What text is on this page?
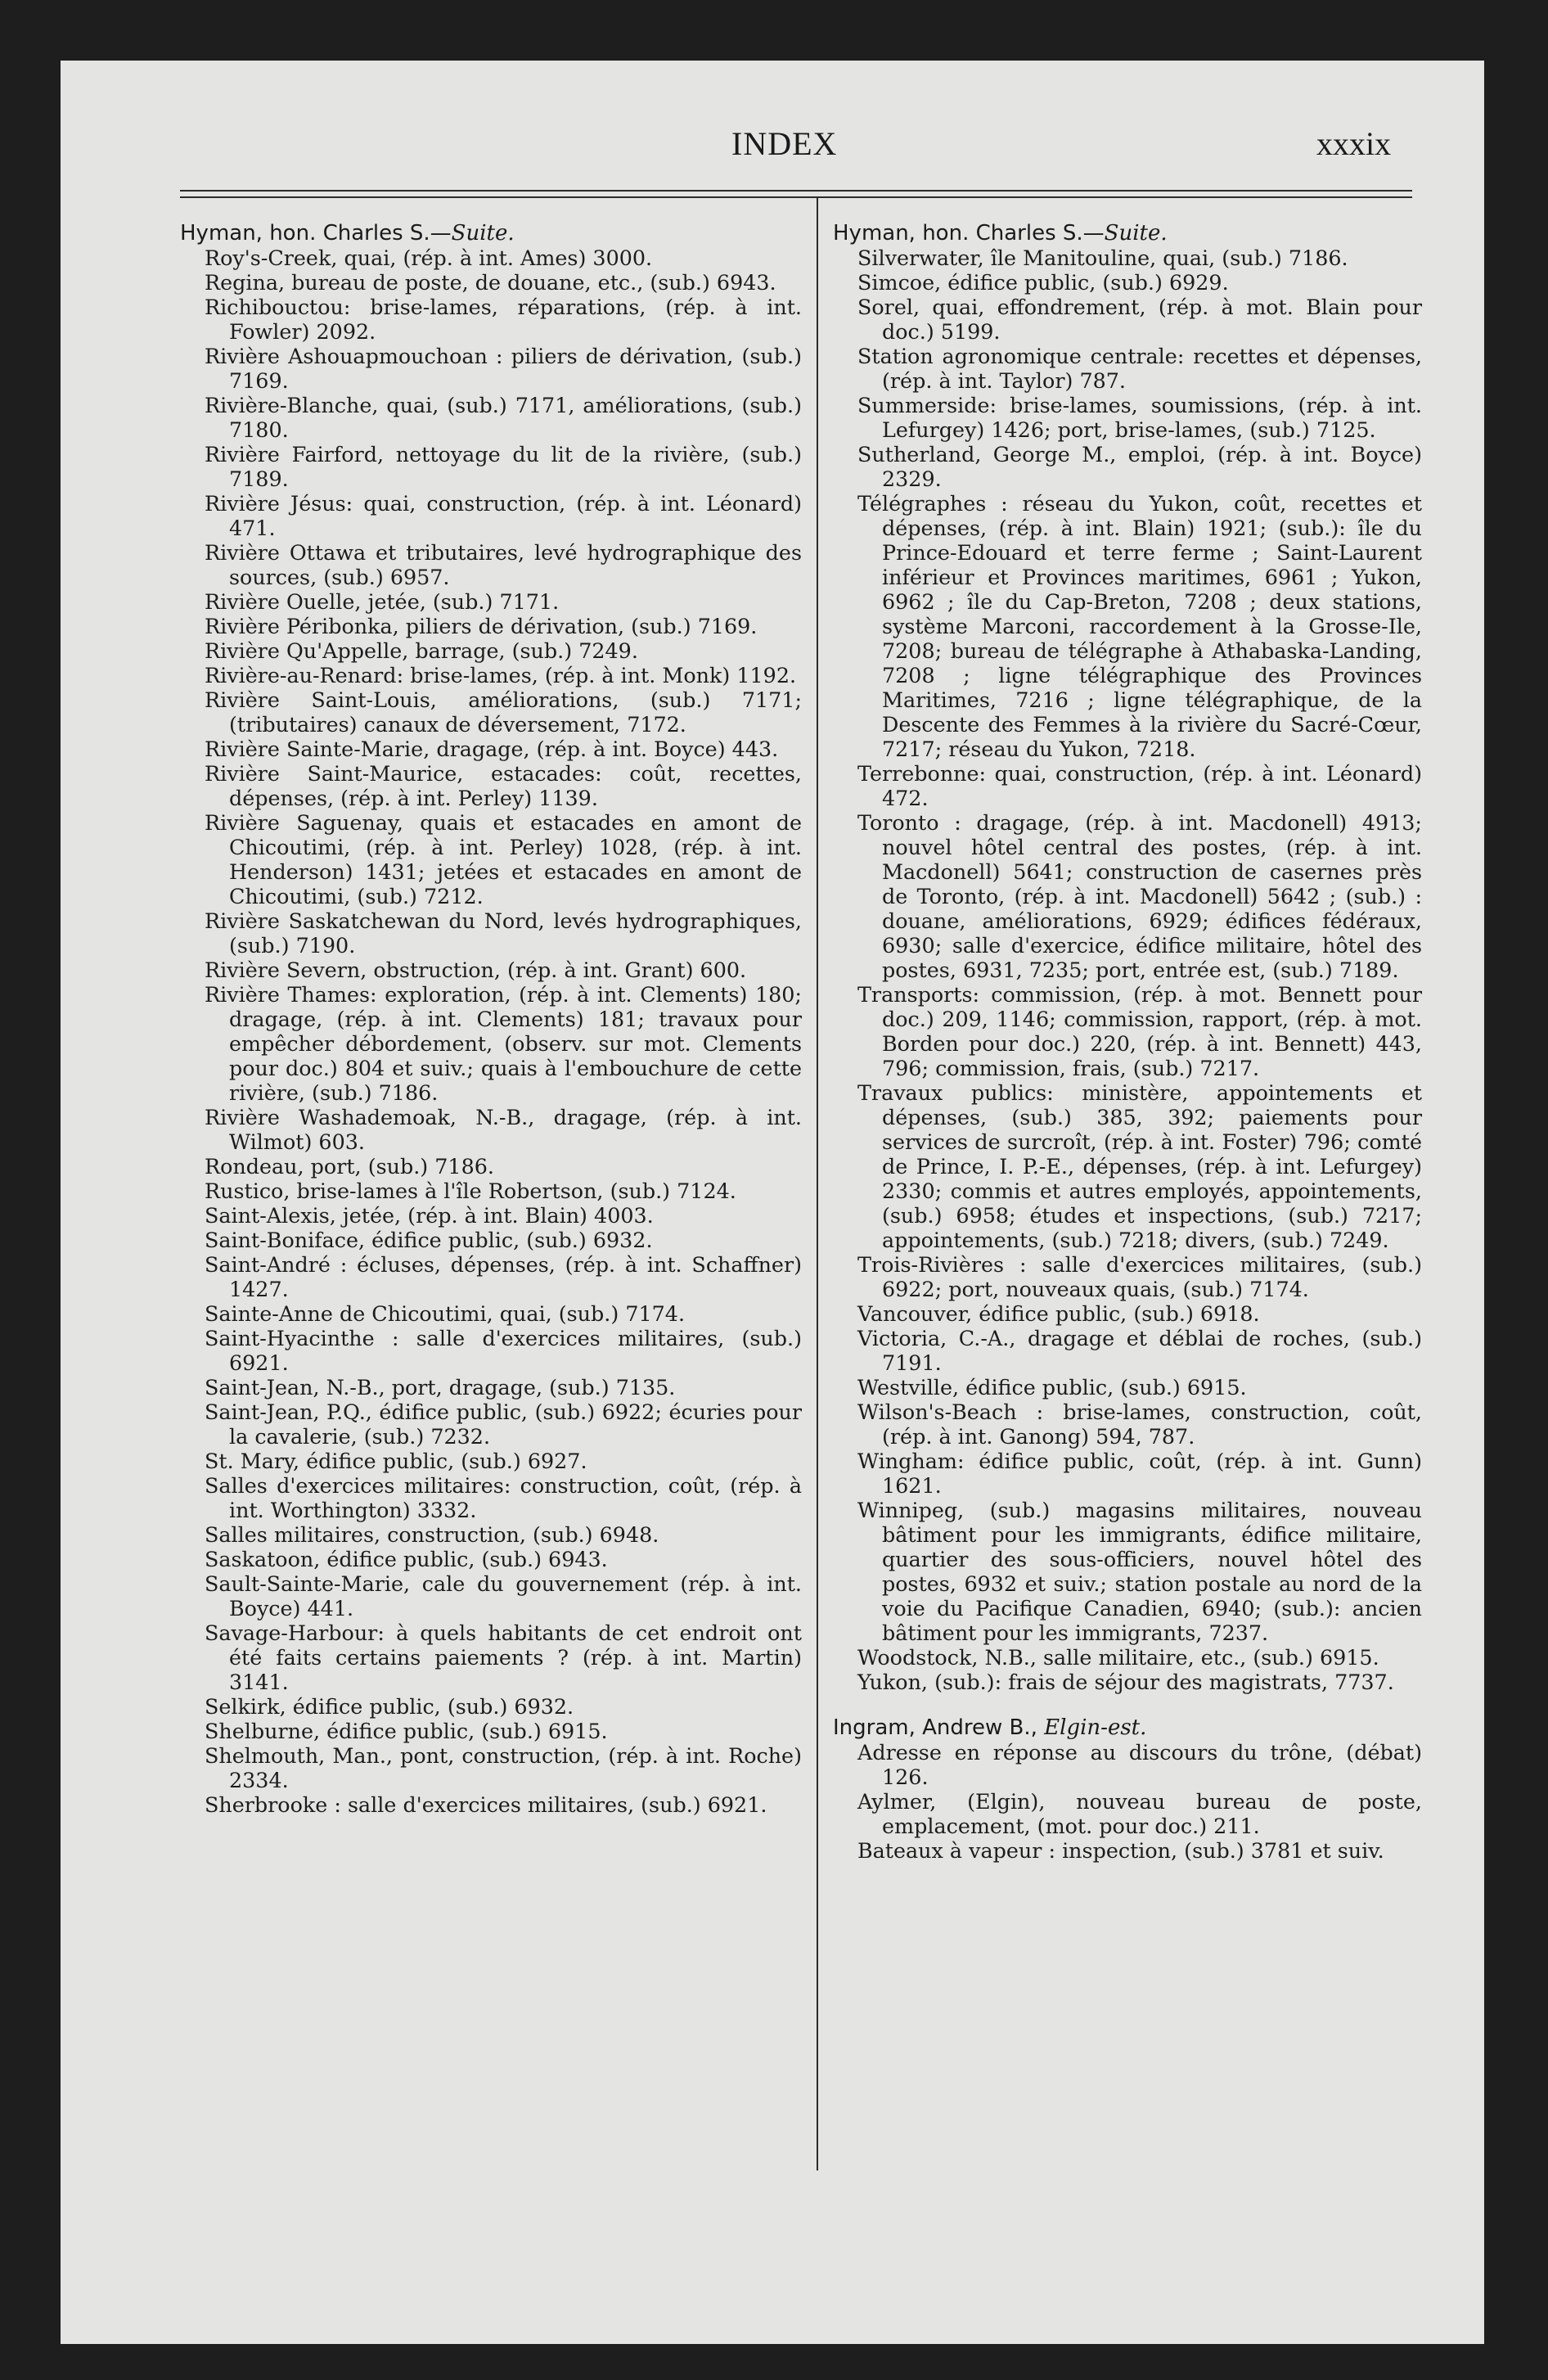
INDEX	xxxix
Hyman, hon. Charles S.—Suite.

Roy's-Creek, quai, (rép. à int. Ames) 3000.

Regina, bureau de poste, de douane, etc., (sub.) 6943.

Richibouctou: brise-lames, réparations, (rép. à int. Fowler) 2092.

Rivière Ashouapmouchoan : piliers de dérivation, (sub.) 7169.

Rivière-Blanche, quai, (sub.) 7171, améliorations, (sub.) 7180.

Rivière Fairford, nettoyage du lit de la rivière, (sub.) 7189.

Rivière Jésus: quai, construction, (rép. à int. Léonard) 471.

Rivière Ottawa et tributaires, levé hydrographique des sources, (sub.) 6957.

Rivière Ouelle, jetée, (sub.) 7171.

Rivière Péribonka, piliers de dérivation, (sub.) 7169.

Rivière Qu'Appelle, barrage, (sub.) 7249.

Rivière-au-Renard: brise-lames, (rép. à int. Monk) 1192.

Rivière Saint-Louis, améliorations, (sub.) 7171; (tributaires) canaux de déversement, 7172.

Rivière Sainte-Marie, dragage, (rép. à int. Boyce) 443.

Rivière Saint-Maurice, estacades: coût, recettes, dépenses, (rép. à int. Perley) 1139.

Rivière Saguenay, quais et estacades en amont de Chicoutimi, (rép. à int. Perley) 1028, (rép. à int. Henderson) 1431; jetées et estacades en amont de Chicoutimi, (sub.) 7212.

Rivière Saskatchewan du Nord, levés hydrographiques, (sub.) 7190.

Rivière Severn, obstruction, (rép. à int. Grant) 600.

Rivière Thames: exploration, (rép. à int. Clements) 180; dragage, (rép. à int. Clements) 181; travaux pour empêcher débordement, (observ. sur mot. Clements pour doc.) 804 et suiv.; quais à l'embouchure de cette rivière, (sub.) 7186.

Rivière Washademoak, N.-B., dragage, (rép. à int. Wilmot) 603.

Rondeau, port, (sub.) 7186.

Rustico, brise-lames à l'île Robertson, (sub.) 7124.

Saint-Alexis, jetée, (rép. à int. Blain) 4003.

Saint-Boniface, édifice public, (sub.) 6932.

Saint-André : écluses, dépenses, (rép. à int. Schaffner) 1427.

Sainte-Anne de Chicoutimi, quai, (sub.) 7174.

Saint-Hyacinthe : salle d'exercices militaires, (sub.) 6921.

Saint-Jean, N.-B., port, dragage, (sub.) 7135.

Saint-Jean, P.Q., édifice public, (sub.) 6922; écuries pour la cavalerie, (sub.) 7232.

St. Mary, édifice public, (sub.) 6927.

Salles d'exercices militaires: construction, coût, (rép. à int. Worthington) 3332.

Salles militaires, construction, (sub.) 6948.

Saskatoon, édifice public, (sub.) 6943.

Sault-Sainte-Marie, cale du gouvernement (rép. à int. Boyce) 441.

Savage-Harbour: à quels habitants de cet endroit ont été faits certains paiements ? (rép. à int. Martin) 3141.

Selkirk, édifice public, (sub.) 6932.

Shelburne, édifice public, (sub.) 6915.

Shelmouth, Man., pont, construction, (rép. à int. Roche) 2334.

Sherbrooke : salle d'exercices militaires, (sub.) 6921.

Hyman, hon. Charles S.—Suite.

Silverwater, île Manitouline, quai, (sub.) 7186.

Simcoe, édifice public, (sub.) 6929.

Sorel, quai, effondrement, (rép. à mot. Blain pour doc.) 5199.

Station agronomique centrale: recettes et dépenses, (rép. à int. Taylor) 787.

Summerside: brise-lames, soumissions, (rép. à int. Lefurgey) 1426; port, brise-lames, (sub.) 7125.

Sutherland, George M., emploi, (rép. à int. Boyce) 2329.

Télégraphes : réseau du Yukon, coût, recettes et dépenses, (rép. à int. Blain) 1921; (sub.): île du Prince-Edouard et terre ferme ; Saint-Laurent inférieur et Provinces maritimes, 6961 ; Yukon, 6962 ; île du Cap-Breton, 7208 ; deux stations, système Marconi, raccordement à la Grosse-Ile, 7208; bureau de télégraphe à Athabaska-Landing, 7208 ; ligne télégraphique des Provinces Maritimes, 7216 ; ligne télégraphique, de la Descente des Femmes à la rivière du Sacré-Cœur, 7217; réseau du Yukon, 7218.

Terrebonne: quai, construction, (rép. à int. Léonard) 472.

Toronto : dragage, (rép. à int. Macdonell) 4913; nouvel hôtel central des postes, (rép. à int. Macdonell) 5641; construction de casernes près de Toronto, (rép. à int. Macdonell) 5642 ; (sub.) : douane, améliorations, 6929; édifices fédéraux, 6930; salle d'exercice, édifice militaire, hôtel des postes, 6931, 7235; port, entrée est, (sub.) 7189.

Transports: commission, (rép. à mot. Bennett pour doc.) 209, 1146; commission, rapport, (rép. à mot. Borden pour doc.) 220, (rép. à int. Bennett) 443, 796; commission, frais, (sub.) 7217.

Travaux publics: ministère, appointements et dépenses, (sub.) 385, 392; paiements pour services de surcroît, (rép. à int. Foster) 796; comté de Prince, I. P.-E., dépenses, (rép. à int. Lefurgey) 2330; commis et autres employés, appointements, (sub.) 6958; études et inspections, (sub.) 7217; appointements, (sub.) 7218; divers, (sub.) 7249.

Trois-Rivières : salle d'exercices militaires, (sub.) 6922; port, nouveaux quais, (sub.) 7174.

Vancouver, édifice public, (sub.) 6918.

Victoria, C.-A., dragage et déblai de roches, (sub.) 7191.

Westville, édifice public, (sub.) 6915.

Wilson's-Beach : brise-lames, construction, coût, (rép. à int. Ganong) 594, 787.

Wingham: édifice public, coût, (rép. à int. Gunn) 1621.

Winnipeg, (sub.) magasins militaires, nouveau bâtiment pour les immigrants, édifice militaire, quartier des sous-officiers, nouvel hôtel des postes, 6932 et suiv.; station postale au nord de la voie du Pacifique Canadien, 6940; (sub.): ancien bâtiment pour les immigrants, 7237.

Woodstock, N.B., salle militaire, etc., (sub.) 6915.

Yukon, (sub.): frais de séjour des magistrats, 7737.

Ingram, Andrew B., Elgin-est.

Adresse en réponse au discours du trône, (débat) 126.

Aylmer, (Elgin), nouveau bureau de poste, emplacement, (mot. pour doc.) 211.

Bateaux à vapeur : inspection, (sub.) 3781 et suiv.
